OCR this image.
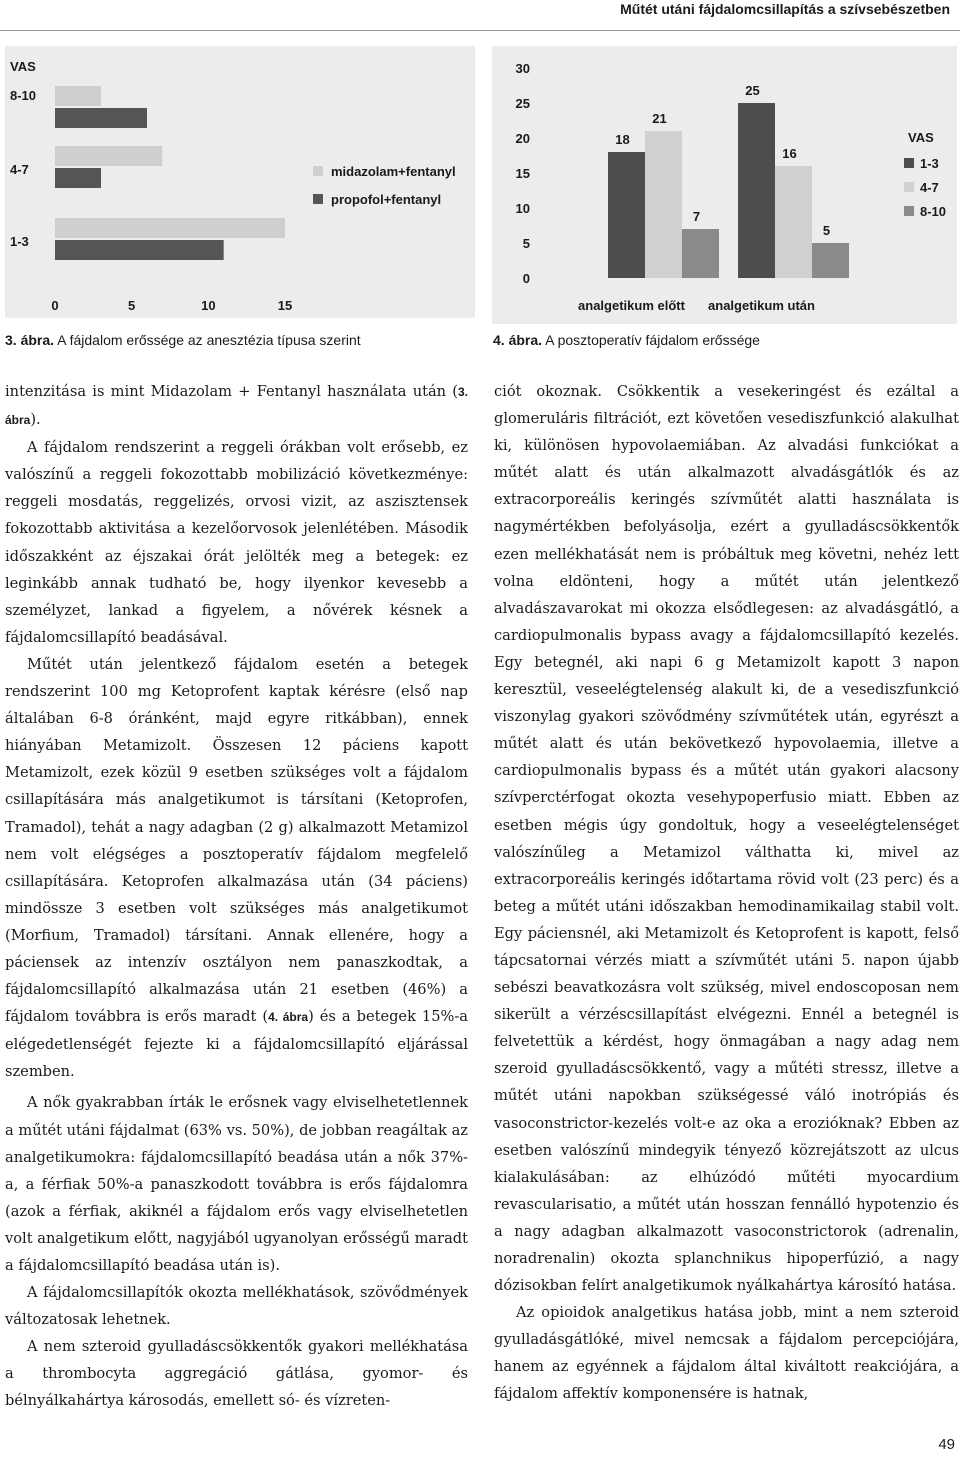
Műtét utáni fájdalomcsillapítás a szívsebészetben
VAS
8-10
4-7
1-3
0	5	10	15
midazolam+fentanyl
propofol+fentanyl
3. ábra. A fájdalom erőssége az anesztézia típusa szerint
0
5
10
15
20
25
30
18
21
7
analgetikum előtt
25
16
5
analgetikum után
VAS
1-3
4-7
8-10
4. ábra. A posztoperatív fájdalom erőssége

intenzitása is mint Midazolam + Fentanyl használata után (3. ábra).

A fájdalom rendszerint a reggeli órákban volt erősebb, ez valószínű a reggeli fokozottabb mobilizáció következménye: reggeli mosdatás, reggelizés, orvosi vizit, az aszisztensek fokozottabb aktivitása a kezelőorvosok jelenlétében. Második időszakként az éjszakai órát jelölték meg a betegek: ez leginkább annak tudható be, hogy ilyenkor kevesebb a személyzet, lankad a figyelem, a nővérek késnek a fájdalomcsillapító beadásával.

Műtét után jelentkező fájdalom esetén a betegek rendszerint 100 mg Ketoprofent kaptak kérésre (első nap általában 6-8 óránként, majd egyre ritkábban), ennek hiányában Metamizolt. Összesen 12 páciens kapott Metamizolt, ezek közül 9 esetben szükséges volt a fájdalom csillapítására más analgetikumot is társítani (Ketoprofen, Tramadol), tehát a nagy adagban (2 g) alkalmazott Metamizol nem volt elégséges a posztoperatív fájdalom megfelelő csillapítására. Ketoprofen alkalmazása után (34 páciens) mindössze 3 esetben volt szükséges más analgetikumot (Morfium, Tramadol) társítani. Annak ellenére, hogy a páciensek az intenzív osztályon nem panaszkodtak, a fájdalomcsillapító alkalmazása után 21 esetben (46%) a fájdalom továbbra is erős maradt (4. ábra) és a betegek 15%-a elégedetlenségét fejezte ki a fájdalomcsillapító eljárással szemben.

A nők gyakrabban írták le erősnek vagy elviselhetetlennek a műtét utáni fájdalmat (63% vs. 50%), de jobban reagáltak az analgetikumokra: fájdalomcsillapító beadása után a nők 37%-a, a férfiak 50%-a panaszkodott továbbra is erős fájdalomra (azok a férfiak, akiknél a fájdalom erős vagy elviselhetetlen volt analgetikum előtt, nagyjából ugyanolyan erősségű maradt a fájdalomcsillapító beadása után is).

A fájdalomcsillapítók okozta mellékhatások, szövődmények változatosak lehetnek.

A nem szteroid gyulladáscsökkentők gyakori mellékhatása a thrombocyta aggregáció gátlása, gyomor- és bélnyálkahártya károsodás, emellett só- és vízreten-

ciót okoznak. Csökkentik a vesekeringést és ezáltal a glomeruláris filtrációt, ezt követően vesediszfunkció alakulhat ki, különösen hypovolaemiában. Az alvadási funkciókat a műtét alatt és után alkalmazott alvadásgátlók és az extracorporeális keringés szívműtét alatti használata is nagymértékben befolyásolja, ezért a gyulladáscsökkentők ezen mellékhatását nem is próbáltuk meg követni, nehéz lett volna eldönteni, hogy a műtét után jelentkező alvadászavarokat mi okozza elsődlegesen: az alvadásgátló, a cardiopulmonalis bypass avagy a fájdalomcsillapító kezelés. Egy betegnél, aki napi 6 g Metamizolt kapott 3 napon keresztül, veseelégtelenség alakult ki, de a vesediszfunkció viszonylag gyakori szövődmény szívműtétek után, egyrészt a műtét alatt és után bekövetkező hypovolaemia, illetve a cardiopulmonalis bypass és a műtét után gyakori alacsony szívperctérfogat okozta vesehypoperfusio miatt. Ebben az esetben mégis úgy gondoltuk, hogy a veseelégtelenséget valószínűleg a Metamizol válthatta ki, mivel az extracorporeális keringés időtartama rövid volt (23 perc) és a beteg a műtét utáni időszakban hemodinamikailag stabil volt. Egy páciensnél, aki Metamizolt és Ketoprofent is kapott, felső tápcsatornai vérzés miatt a szívműtét utáni 5. napon újabb sebészi beavatkozásra volt szükség, mivel endoscoposan nem sikerült a vérzéscsillapítást elvégezni. Ennél a betegnél is felvetettük a kérdést, hogy önmagában a nagy adag nem szeroid gyulladáscsökkentő, vagy a műtéti stressz, illetve a műtét utáni napokban szükségessé váló inotrópiás és vasoconstrictor-kezelés volt-e az oka a erozióknak? Ebben az esetben valószínű mindegyik tényező közrejátszott az ulcus kialakulásában: az elhúzódó műtéti myocardium revascularisatio, a műtét után hosszan fennálló hypotenzio és a nagy adagban alkalmazott vasoconstrictorok (adrenalin, noradrenalin) okozta splanchnikus hipoperfúzió, a nagy dózisokban felírt analgetikumok nyálkahártya károsító hatása.

Az opioidok analgetikus hatása jobb, mint a nem szteroid gyulladásgátlóké, mivel nemcsak a fájdalom percepciójára, hanem az egyénnek a fájdalom által kiváltott reakciójára, a fájdalom affektív komponensére is hatnak,

49
